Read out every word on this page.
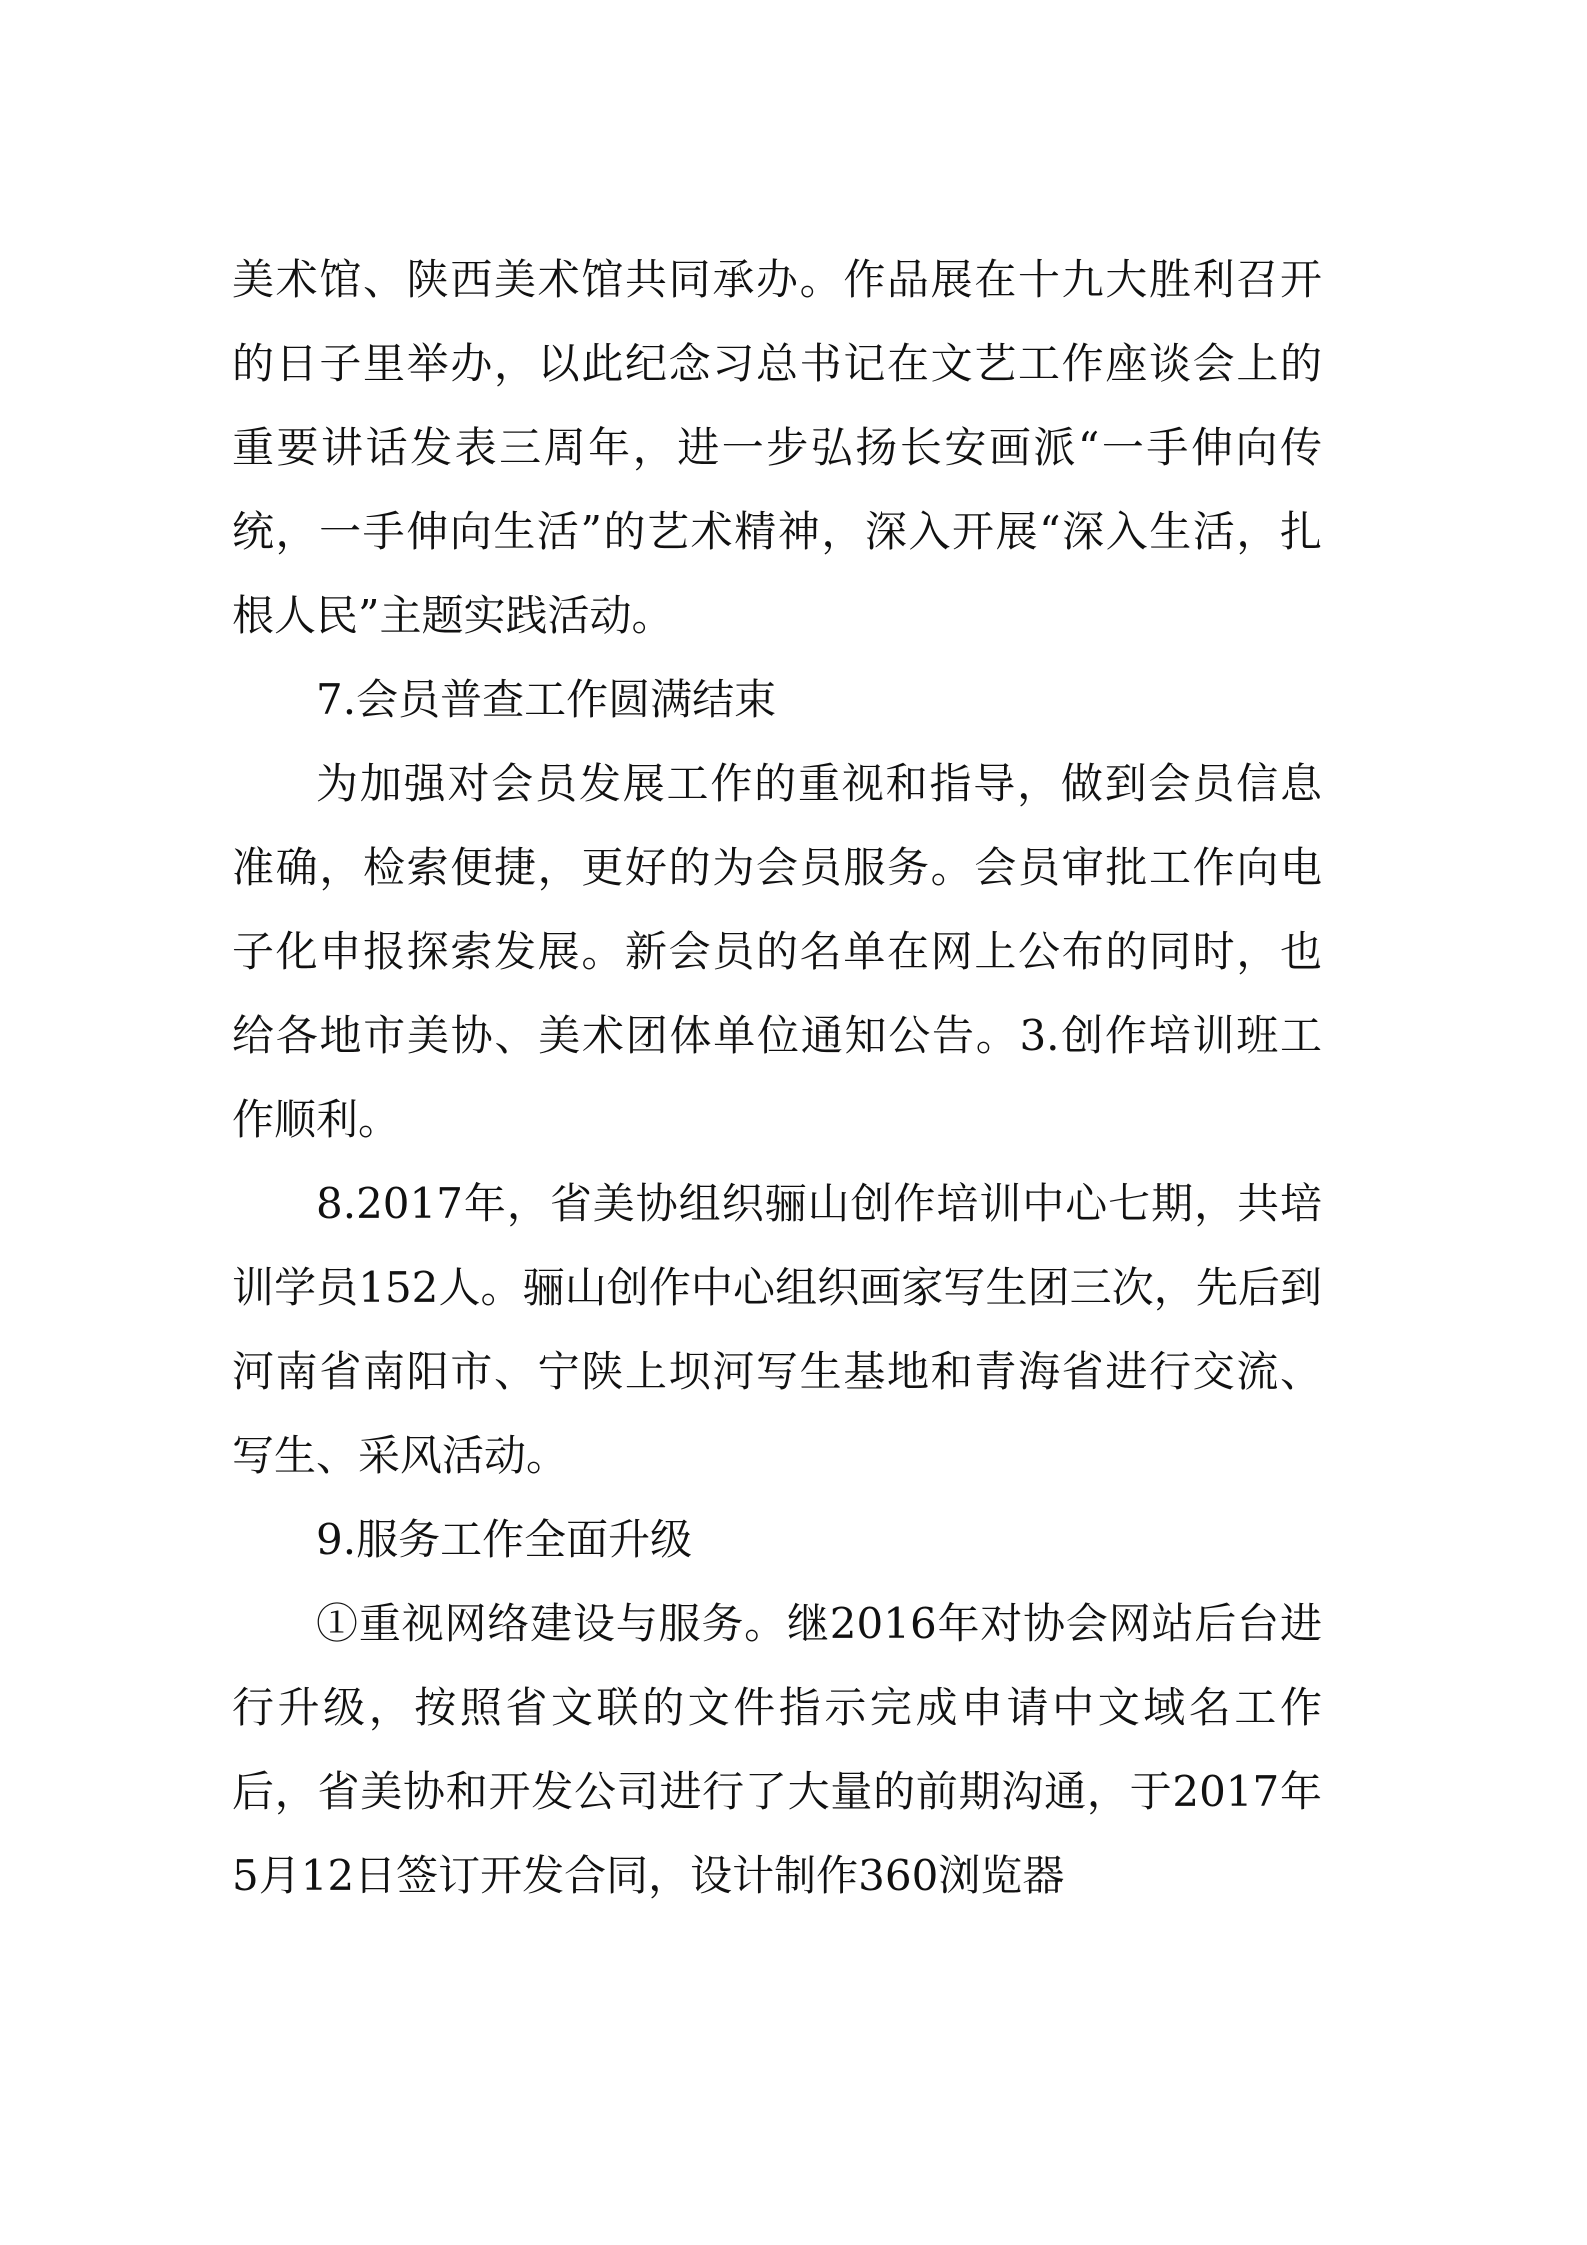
美术馆、陕西美术馆共同承办。作品展在十九大胜利召开的日子里举办，以此纪念习总书记在文艺工作座谈会上的重要讲话发表三周年，进一步弘扬长安画派“一手伸向传统，一手伸向生活”的艺术精神，深入开展“深入生活，扎根人民”主题实践活动。

7.会员普查工作圆满结束

为加强对会员发展工作的重视和指导，做到会员信息准确，检索便捷，更好的为会员服务。会员审批工作向电子化申报探索发展。新会员的名单在网上公布的同时，也给各地市美协、美术团体单位通知公告。3.创作培训班工作顺利。

8.2017年，省美协组织骊山创作培训中心七期，共培训学员152人。骊山创作中心组织画家写生团三次，先后到河南省南阳市、宁陕上坝河写生基地和青海省进行交流、写生、采风活动。

9.服务工作全面升级

①重视网络建设与服务。继2016年对协会网站后台进行升级，按照省文联的文件指示完成申请中文域名工作后，省美协和开发公司进行了大量的前期沟通，于2017年5月12日签订开发合同，设计制作360浏览器
